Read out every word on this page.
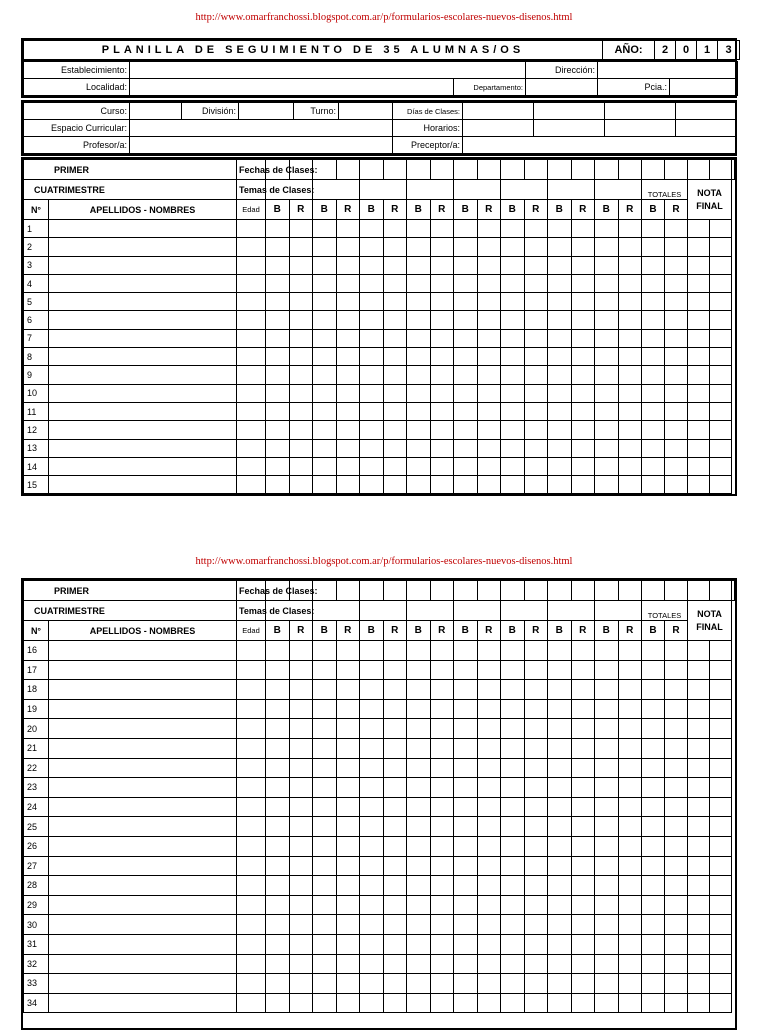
http://www.omarfranchossi.blogspot.com.ar/p/formularios-escolares-nuevos-disenos.html
PLANILLA DE SEGUIMIENTO DE 35 ALUMNAS/OS	AÑO:	2	0	1	3
Establecimiento:			Dirección:		
Localidad:		Departamento:		Pcia.:	
Curso:		División:		Turno:		Días de Clases:				
Espacio Curricular:						Horarios:				
Profesor/a:						Preceptor/a:				
PRIMER		Fechas de Clases:																					
CUATRIMESTRE		Temas de Clases:																	TOTALES		NOTA FINAL		
N°	APELLIDOS - NOMBRES	Edad	B	R	B	R	B	R	B	R	B	R	B	R	B	R	B	R	B	R			
1																							
2																							
3																							
4																							
5																							
6																							
7																							
8																							
9																							
10																							
11																							
12																							
13																							
14																							
15																							
http://www.omarfranchossi.blogspot.com.ar/p/formularios-escolares-nuevos-disenos.html
PRIMER		Fechas de Clases:																					
CUATRIMESTRE		Temas de Clases:																	TOTALES		NOTA FINAL		
N°	APELLIDOS - NOMBRES	Edad	B	R	B	R	B	R	B	R	B	R	B	R	B	R	B	R	B	R			
16																							
17																							
18																							
19																							
20																							
21																							
22																							
23																							
24																							
25																							
26																							
27																							
28																							
29																							
30																							
31																							
32																							
33																							
34																							
